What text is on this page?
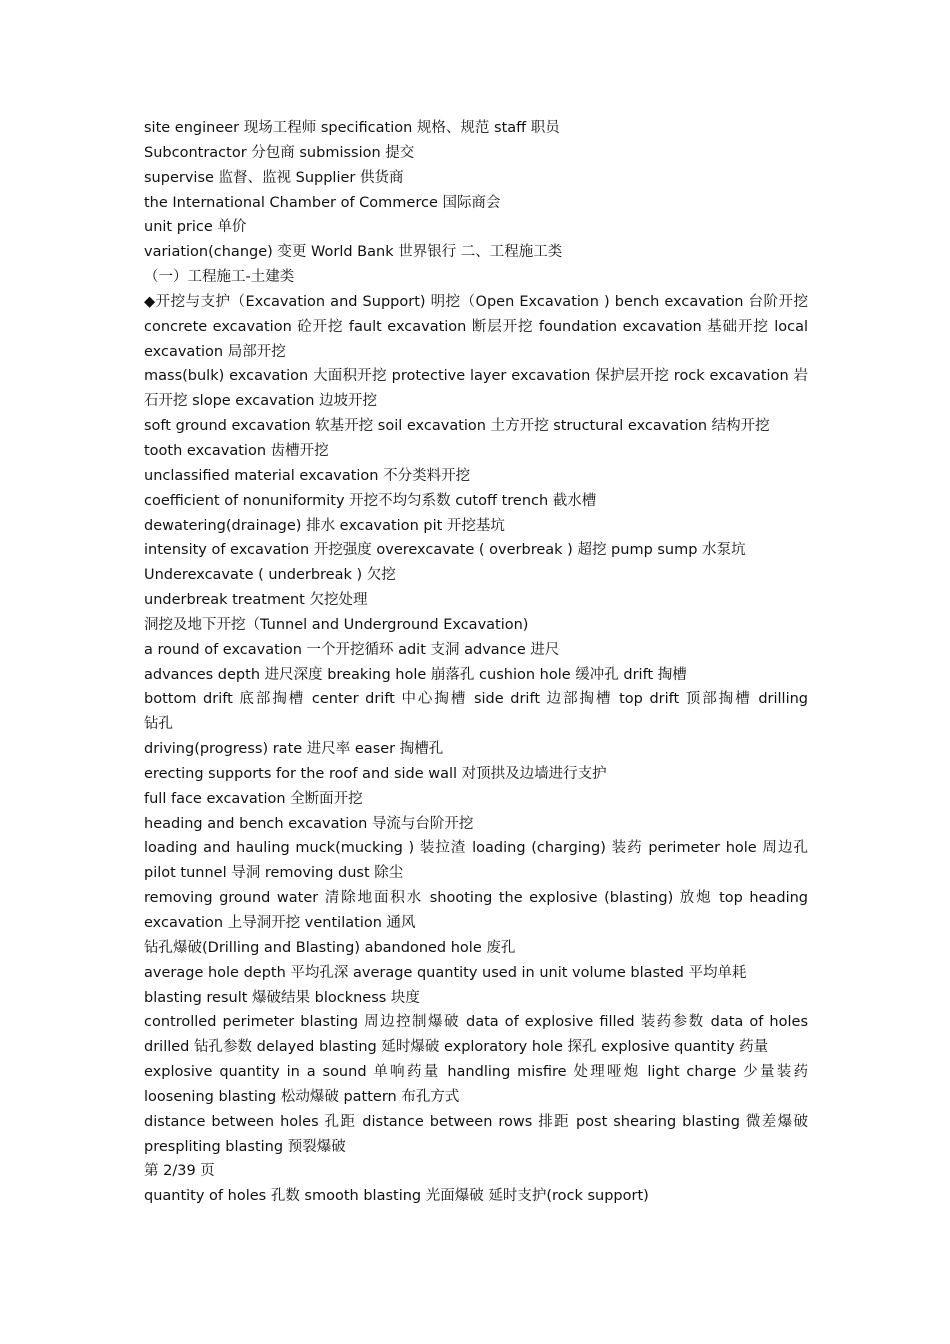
site engineer 现场工程师 specification 规格、规范 staff 职员
Subcontractor 分包商 submission 提交
supervise 监督、监视 Supplier 供货商
the International Chamber of Commerce 国际商会
unit price 单价
variation(change) 变更 World Bank 世界银行 二、工程施工类
（一）工程施工-土建类
◆开挖与支护（Excavation and Support) 明挖（Open Excavation ) bench excavation 台阶开挖
concrete excavation 砼开挖 fault excavation 断层开挖 foundation excavation 基础开挖 local
excavation 局部开挖
mass(bulk) excavation 大面积开挖 protective layer excavation 保护层开挖 rock excavation 岩
石开挖 slope excavation 边坡开挖
soft ground excavation 软基开挖 soil excavation 土方开挖 structural excavation 结构开挖
tooth excavation 齿槽开挖
unclassified material excavation 不分类料开挖
coefficient of nonuniformity 开挖不均匀系数 cutoff trench 截水槽
dewatering(drainage) 排水 excavation pit 开挖基坑
intensity of excavation 开挖强度 overexcavate ( overbreak ) 超挖 pump sump 水泵坑
Underexcavate ( underbreak ) 欠挖
underbreak treatment 欠挖处理
洞挖及地下开挖（Tunnel and Underground Excavation)
a round of excavation 一个开挖循环 adit 支洞 advance 进尺
advances depth 进尺深度 breaking hole 崩落孔 cushion hole 缓冲孔 drift 掏槽
bottom drift 底部掏槽 center drift 中心掏槽 side drift 边部掏槽 top drift 顶部掏槽 drilling
钻孔
driving(progress) rate 进尺率 easer 掏槽孔
erecting supports for the roof and side wall 对顶拱及边墙进行支护
full face excavation 全断面开挖
heading and bench excavation 导流与台阶开挖
loading and hauling muck(mucking ) 装拉渣 loading (charging) 装药 perimeter hole 周边孔
pilot tunnel 导洞 removing dust 除尘
removing ground water 清除地面积水 shooting the explosive (blasting) 放炮 top heading
excavation 上导洞开挖 ventilation 通风
钻孔爆破(Drilling and Blasting) abandoned hole 废孔
average hole depth 平均孔深 average quantity used in unit volume blasted 平均单耗
blasting result 爆破结果 blockness 块度
controlled perimeter blasting 周边控制爆破 data of explosive filled 装药参数 data of holes
drilled 钻孔参数 delayed blasting 延时爆破 exploratory hole 探孔 explosive quantity 药量
explosive quantity in a sound 单响药量 handling misfire 处理哑炮 light charge 少量装药
loosening blasting 松动爆破 pattern 布孔方式
distance between holes 孔距 distance between rows 排距 post shearing blasting 微差爆破
prespliting blasting 预裂爆破
第 2/39 页
quantity of holes 孔数 smooth blasting 光面爆破 延时支护(rock support)
